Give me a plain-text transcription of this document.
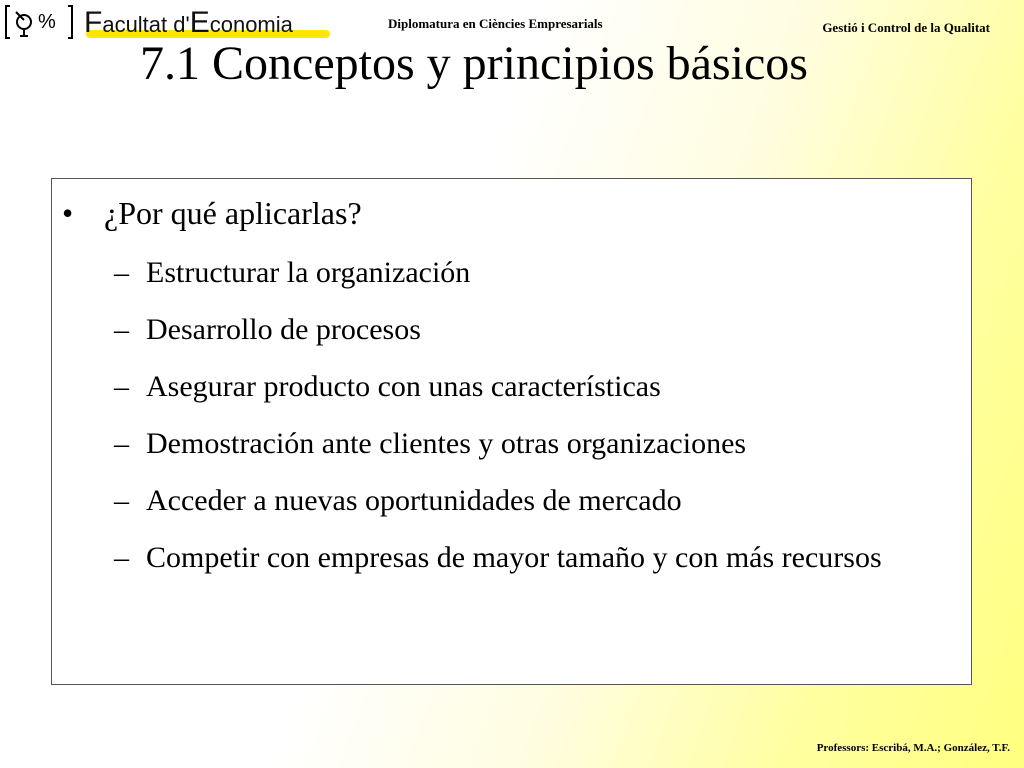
% Facultat d'Economia	Diplomatura en Ciències Empresarials	Gestió i Control de la Qualitat
7.1 Conceptos y principios básicos
• ¿Por qué aplicarlas?
– Estructurar la organización
– Desarrollo de procesos
– Asegurar producto con unas características
– Demostración ante clientes y otras organizaciones
– Acceder a nuevas oportunidades de mercado
– Competir con empresas de mayor tamaño y con más recursos
Professors: Escribá, M.A.; González, T.F.
